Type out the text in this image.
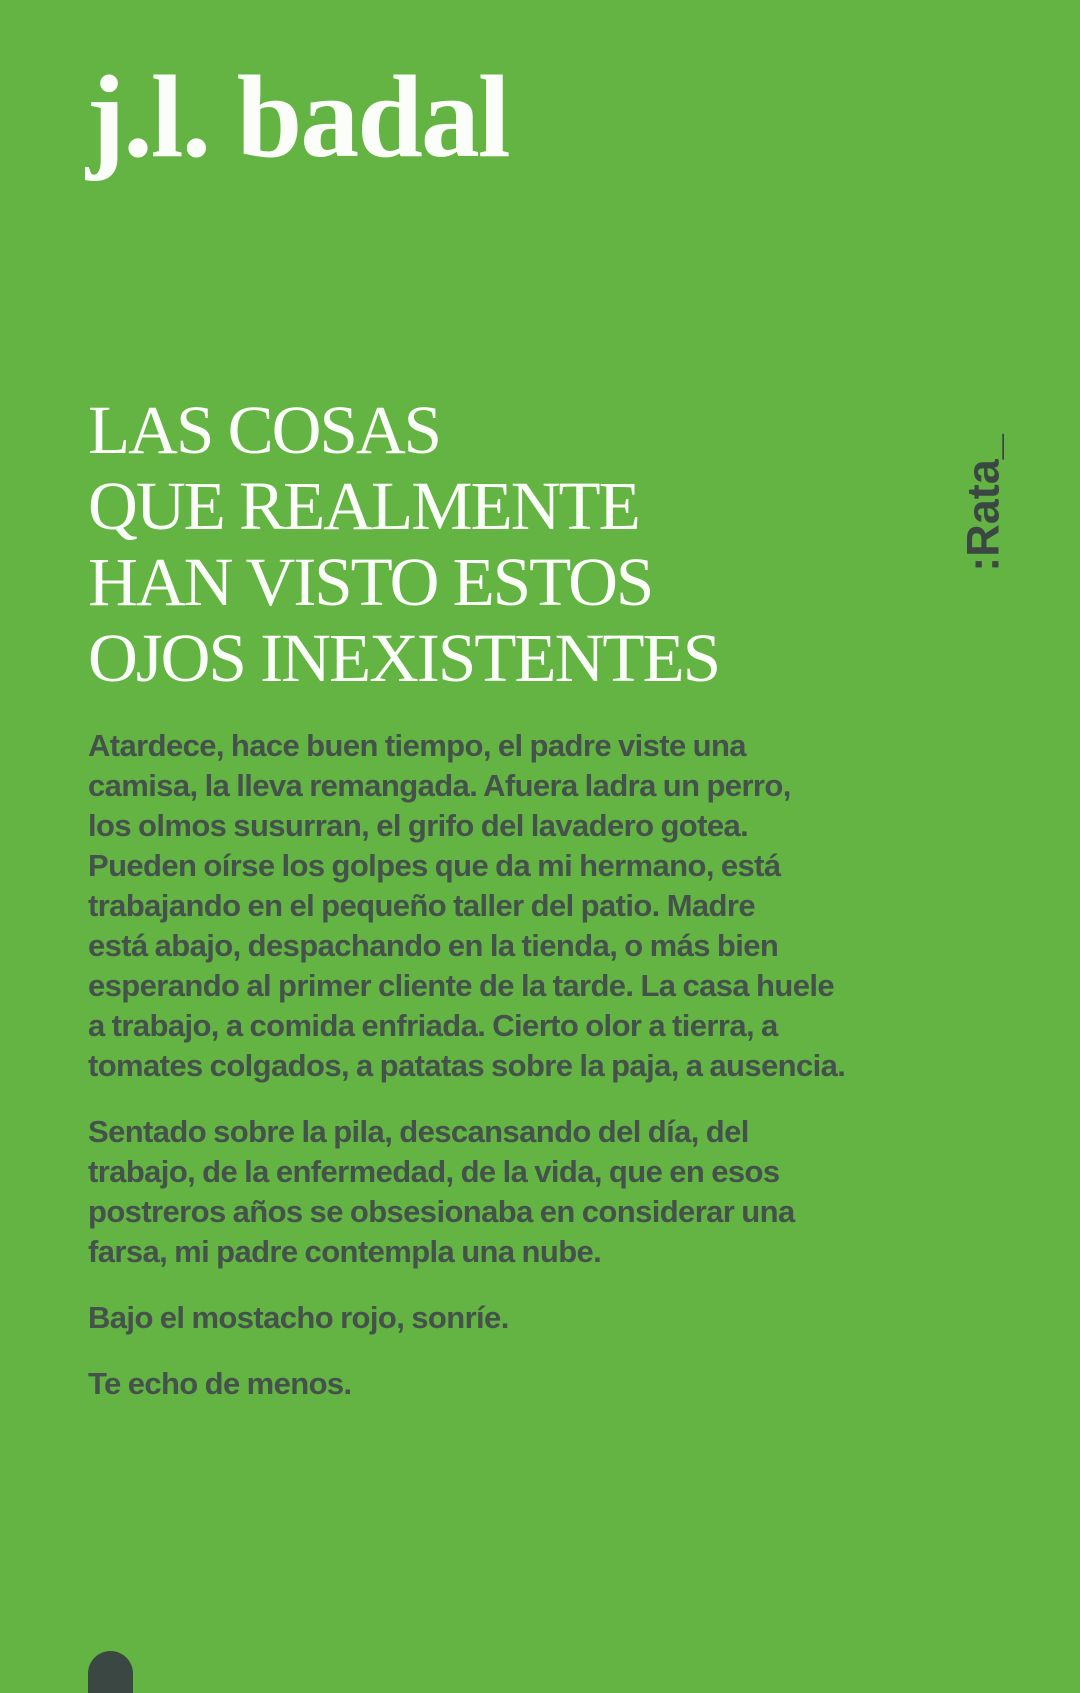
j.l. badal
LAS COSAS
QUE REALMENTE
HAN VISTO ESTOS
OJOS INEXISTENTES
:Rata_
Atardece, hace buen tiempo, el padre viste una
camisa, la lleva remangada. Afuera ladra un perro,
los olmos susurran, el grifo del lavadero gotea.
Pueden oírse los golpes que da mi hermano, está
trabajando en el pequeño taller del patio. Madre
está abajo, despachando en la tienda, o más bien
esperando al primer cliente de la tarde. La casa huele
a trabajo, a comida enfriada. Cierto olor a tierra, a
tomates colgados, a patatas sobre la paja, a ausencia.
Sentado sobre la pila, descansando del día, del
trabajo, de la enfermedad, de la vida, que en esos
postreros años se obsesionaba en considerar una
farsa, mi padre contempla una nube.
Bajo el mostacho rojo, sonríe.
Te echo de menos.
